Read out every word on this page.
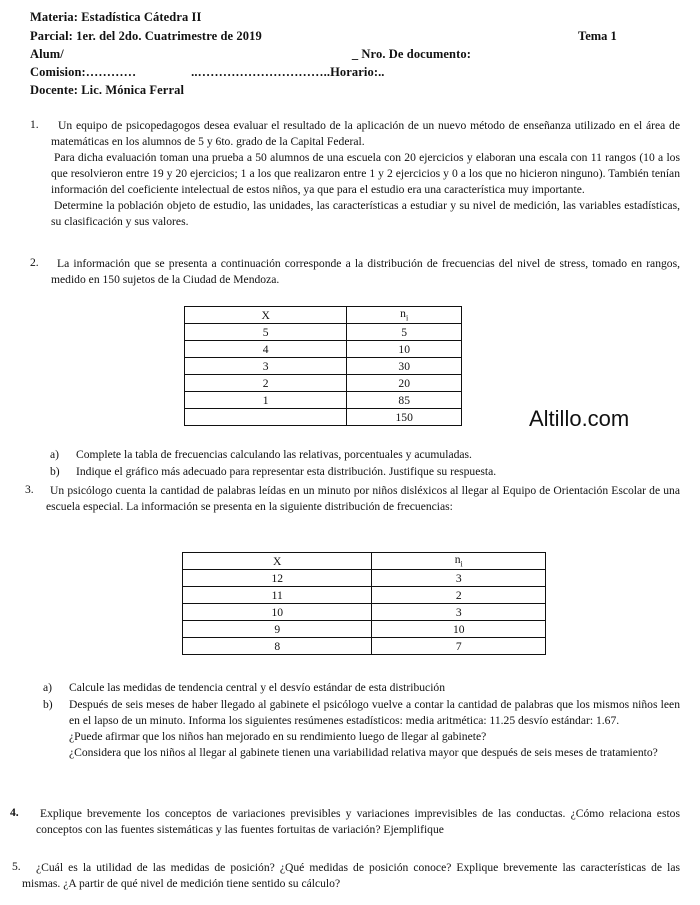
Materia: Estadística Cátedra II
Parcial: 1er. del 2do. Cuatrimestre de 2019	Tema 1
Alum/	_ Nro. De documento:
Comision:…………	..…………………………..Horario:..
Docente: Lic. Mónica Ferral
1.	Un equipo de psicopedagogos desea evaluar el resultado de la aplicación de un nuevo método de enseñanza utilizado en el área de matemáticas en los alumnos de 5 y 6to. grado de la Capital Federal.

Para dicha evaluación toman una prueba a 50 alumnos de una escuela con 20 ejercicios y elaboran una escala con 11 rangos (10 a los que resolvieron entre 19 y 20 ejercicios; 1 a los que realizaron entre 1 y 2 ejercicios y 0 a los que no hicieron ninguno). También tenían información del coeficiente intelectual de estos niños, ya que para el estudio era una característica muy importante.

Determine la población objeto de estudio, las unidades, las características a estudiar y su nivel de medición, las variables estadísticas, su clasificación y sus valores.

2.	La información que se presenta a continuación corresponde a la distribución de frecuencias del nivel de stress, tomado en rangos, medido en 150 sujetos de la Ciudad de Mendoza.

X	$n_i$
5	5
4	10
3	30
2	20
1	85
	150	Altillo.com
a) Complete la tabla de frecuencias calculando las relativas, porcentuales y acumuladas.
b) Indique el gráfico más adecuado para representar esta distribución. Justifique su respuesta.
3.	Un psicólogo cuenta la cantidad de palabras leídas en un minuto por niños disléxicos al llegar al Equipo de Orientación Escolar de una escuela especial. La información se presenta en la siguiente distribución de frecuencias:

X	$n_i$
12	3
11	2
10	3
9	10
8	7
a) Calcule las medidas de tendencia central y el desvío estándar de esta distribución
b)	Después de seis meses de haber llegado al gabinete el psicólogo vuelve a contar la cantidad de palabras que los mismos niños leen en el lapso de un minuto. Informa los siguientes resúmenes estadísticos: media aritmética: 11.25 desvío estándar: 1.67.

¿Puede afirmar que los niños han mejorado en su rendimiento luego de llegar al gabinete?

¿Considera que los niños al llegar al gabinete tienen una variabilidad relativa mayor que después de seis meses de tratamiento?

4.	Explique brevemente los conceptos de variaciones previsibles y variaciones imprevisibles de las conductas. ¿Cómo relaciona estos conceptos con las fuentes sistemáticas y las fuentes fortuitas de variación? Ejemplifique

5.	¿Cuál es la utilidad de las medidas de posición? ¿Qué medidas de posición conoce? Explique brevemente las características de las mismas. ¿A partir de qué nivel de medición tiene sentido su cálculo?
